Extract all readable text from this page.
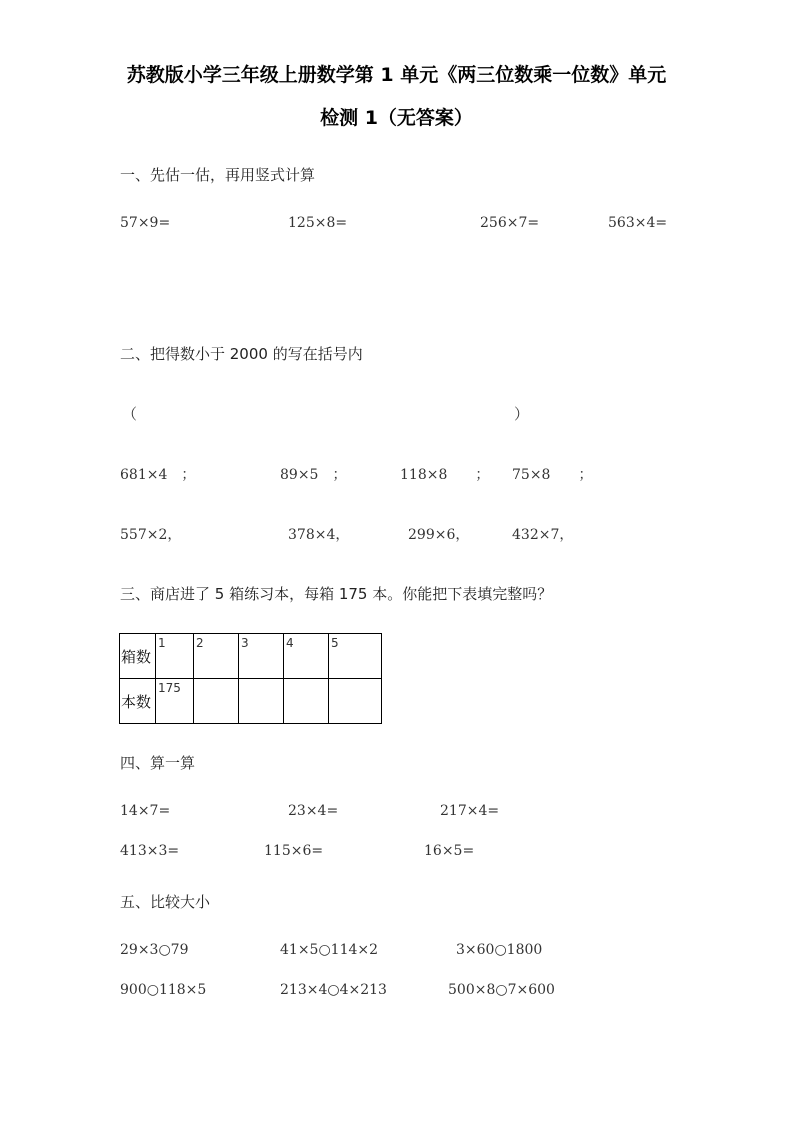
苏教版小学三年级上册数学第 1 单元《两三位数乘一位数》单元
检测 1（无答案）
一、先估一估，再用竖式计算
57×9=	125×8=	256×7=	563×4=
二、把得数小于 2000 的写在括号内
（	）
681×4　；	89×5　；	118×8　　； 75×8　　；
557×2，	378×4，	299×6，	432×7，
三、商店进了 5 箱练习本，每箱 175 本。你能把下表填完整吗？
箱数	1	2	3	4	5
本数	175				
四、算一算
14×7=	23×4=	217×4=
413×3=	115×6=	16×5=
五、比较大小
29×3○79	41×5○114×2	3×60○1800
900○118×5	213×4○4×213	500×8○7×600
